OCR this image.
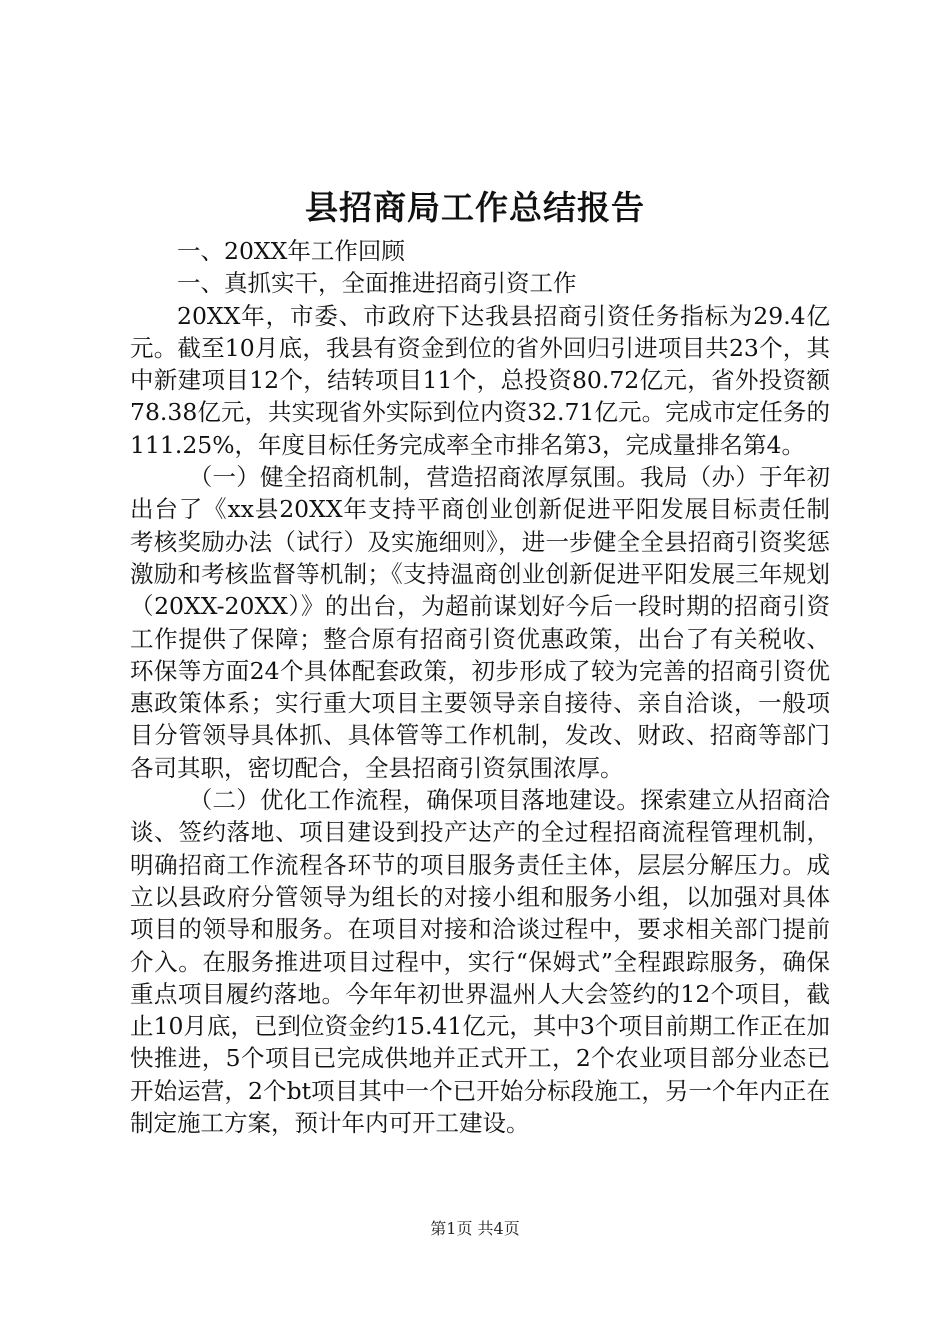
县招商局工作总结报告

一、20XX年工作回顾

一、真抓实干，全面推进招商引资工作

20XX年，市委、市政府下达我县招商引资任务指标为29.4亿元。截至10月底，我县有资金到位的省外回归引进项目共23个，其中新建项目12个，结转项目11个，总投资80.72亿元，省外投资额78.38亿元，共实现省外实际到位内资32.71亿元。完成市定任务的111.25%，年度目标任务完成率全市排名第3，完成量排名第4。

（一）健全招商机制，营造招商浓厚氛围。我局（办）于年初出台了《xx县20XX年支持平商创业创新促进平阳发展目标责任制考核奖励办法（试行）及实施细则》，进一步健全全县招商引资奖惩激励和考核监督等机制；《支持温商创业创新促进平阳发展三年规划（20XX-20XX）》的出台，为超前谋划好今后一段时期的招商引资工作提供了保障；整合原有招商引资优惠政策，出台了有关税收、环保等方面24个具体配套政策，初步形成了较为完善的招商引资优惠政策体系；实行重大项目主要领导亲自接待、亲自洽谈，一般项目分管领导具体抓、具体管等工作机制，发改、财政、招商等部门各司其职，密切配合，全县招商引资氛围浓厚。

（二）优化工作流程，确保项目落地建设。探索建立从招商洽谈、签约落地、项目建设到投产达产的全过程招商流程管理机制，明确招商工作流程各环节的项目服务责任主体，层层分解压力。成立以县政府分管领导为组长的对接小组和服务小组，以加强对具体项目的领导和服务。在项目对接和洽谈过程中，要求相关部门提前介入。在服务推进项目过程中，实行“保姆式”全程跟踪服务，确保重点项目履约落地。今年年初世界温州人大会签约的12个项目，截止10月底，已到位资金约15.41亿元，其中3个项目前期工作正在加快推进，5个项目已完成供地并正式开工，2个农业项目部分业态已开始运营，2个bt项目其中一个已开始分标段施工，另一个年内正在制定施工方案，预计年内可开工建设。

第1页 共4页
